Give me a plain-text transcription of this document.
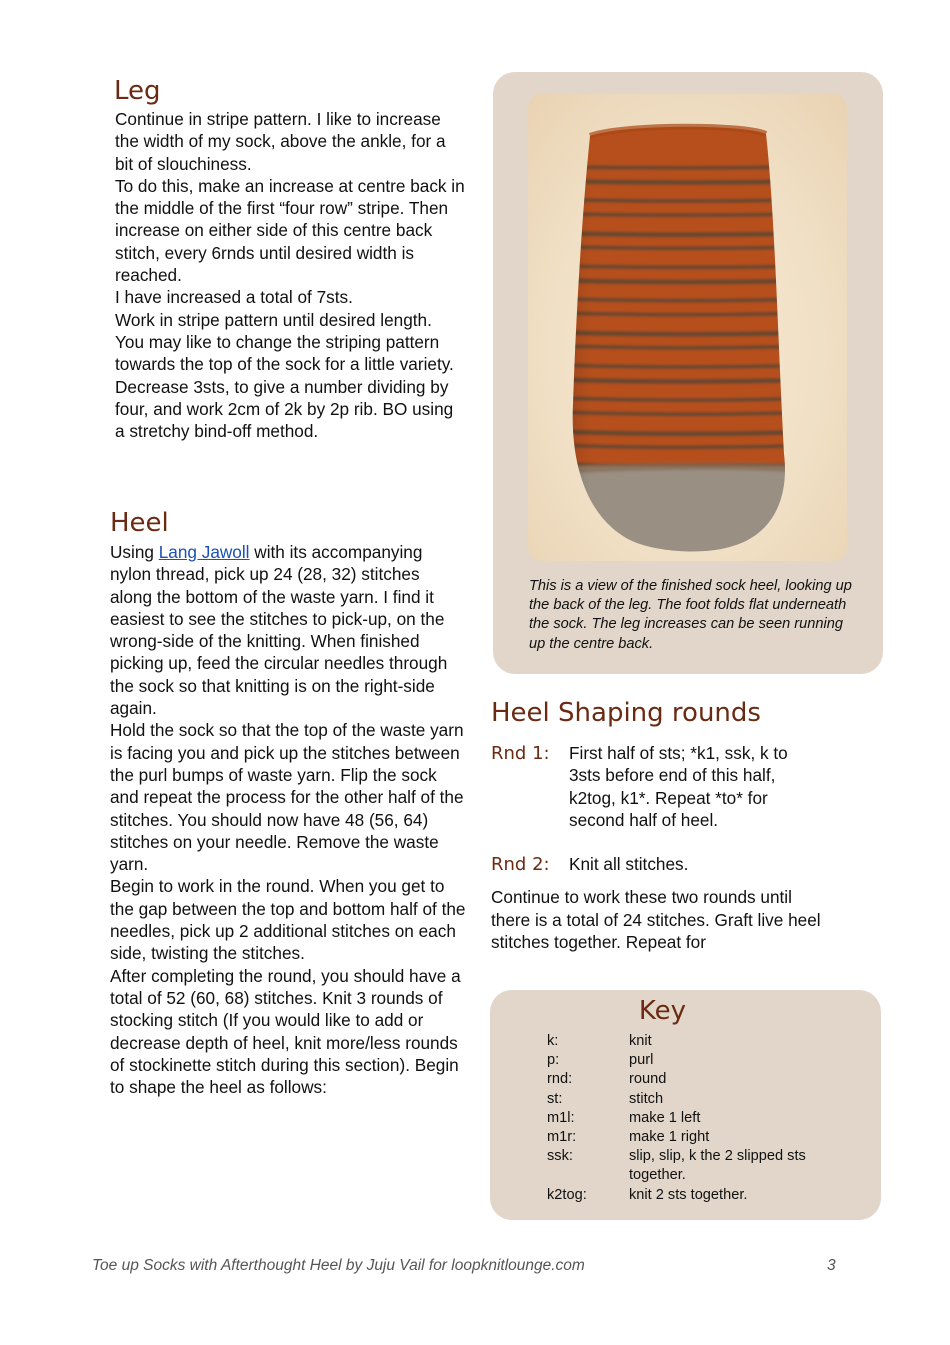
Leg

Continue in stripe pattern. I like to increase the width of my sock, above the ankle, for a bit of slouchiness.

To do this, make an increase at centre back in the middle of the first “four row” stripe. Then increase on either side of this centre back stitch, every 6rnds until desired width is reached.

I have increased a total of 7sts.

Work in stripe pattern until desired length. You may like to change the striping pattern towards the top of the sock for a little variety.

Decrease 3sts, to give a number dividing by four, and work 2cm of 2k by 2p rib. BO using a stretchy bind-off method.

Heel

Using Lang Jawoll with its accompanying nylon thread, pick up 24 (28, 32) stitches along the bottom of the waste yarn. I find it easiest to see the stitches to pick-up, on the wrong-side of the knitting. When finished picking up, feed the circular needles through the sock so that knitting is on the right-side again.

Hold the sock so that the top of the waste yarn is facing you and pick up the stitches between the purl bumps of waste yarn. Flip the sock and repeat the process for the other half of the stitches. You should now have 48 (56, 64) stitches on your needle. Remove the waste yarn.

Begin to work in the round. When you get to the gap between the top and bottom half of the needles, pick up 2 additional stitches on each side, twisting the stitches.

After completing the round, you should have a total of 52 (60, 68) stitches. Knit 3 rounds of stocking stitch (If you would like to add or decrease depth of heel, knit more/less rounds of stockinette stitch during this section). Begin to shape the heel as follows:

This is a view of the finished sock heel, looking up the back of the leg. The foot folds flat underneath the sock. The leg increases can be seen running up the centre back.
Heel Shaping rounds
Rnd 1: First half of sts; *k1, ssk, k to 3sts before end of this half, k2tog, k1*. Repeat *to* for second half of heel.
Rnd 2: Knit all stitches.

Continue to work these two rounds until there is a total of 24 stitches. Graft live heel stitches together. Repeat for

Key
k:	knit
p:	purl
rnd:	round
st:	stitch
m1l:	make 1 left
m1r:	make 1 right
ssk:	slip, slip, k the 2 slipped sts together.
k2tog:	knit 2 sts together.
Toe up Socks with Afterthought Heel by Juju Vail for loopknitlounge.com	3
